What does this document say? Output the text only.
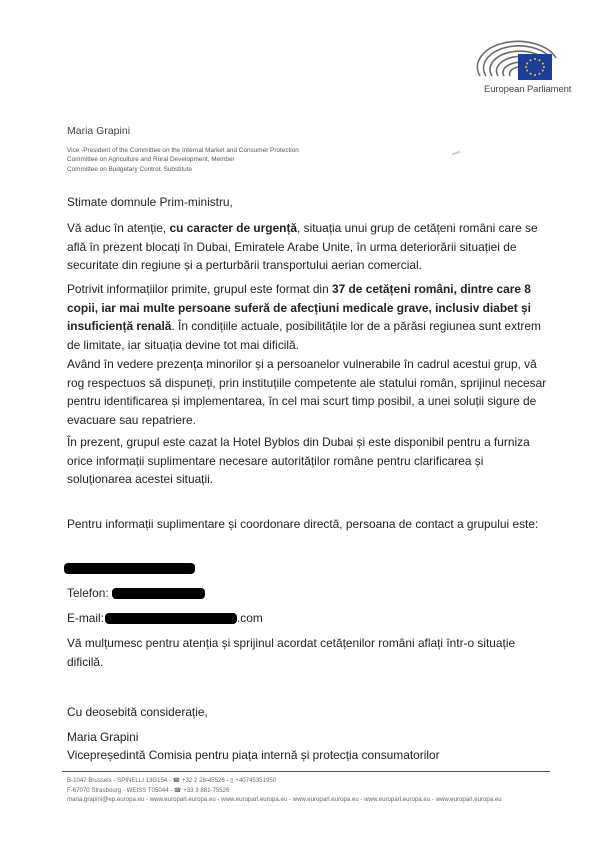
European Parliament
Maria Grapini
Vice -President of the Committee on the Internal Market and Consumer Protection
Committee on Agriculture and Rural Development, Member
Committee on Budgetary Control, Substitute
Stimate domnule Prim-ministru,
Vă aduc în atenție, cu caracter de urgență, situația unui grup de cetățeni români care se află în prezent blocați în Dubai, Emiratele Arabe Unite, în urma deteriorării situației de securitate din regiune și a perturbării transportului aerian comercial.
Potrivit informațiilor primite, grupul este format din 37 de cetățeni români, dintre care 8 copii, iar mai multe persoane suferă de afecțiuni medicale grave, inclusiv diabet și insuficiență renală. În condițiile actuale, posibilitățile lor de a părăsi regiunea sunt extrem de limitate, iar situația devine tot mai dificilă.
Având în vedere prezența minorilor și a persoanelor vulnerabile în cadrul acestui grup, vă rog respectuos să dispuneți, prin instituțiile competente ale statului român, sprijinul necesar pentru identificarea și implementarea, în cel mai scurt timp posibil, a unei soluții sigure de evacuare sau repatriere.
În prezent, grupul este cazat la Hotel Byblos din Dubai și este disponibil pentru a furniza orice informații suplimentare necesare autorităților române pentru clarificarea și soluționarea acestei situații.
Pentru informații suplimentare și coordonare directă, persoana de contact a grupului este:
Telefon:
E-mail:	.com
Vă mulțumesc pentru atenția și sprijinul acordat cetățenilor români aflați într-o situație dificilă.
Cu deosebită considerație,
Maria Grapini
Vicepreședintă Comisia pentru piața internă și protecția consumatorilor
B-1047 Brussels - SPINELLI 13G154 - ☎ +32 2 28-45526 - ▯ +40745351950
F-67070 Strasbourg - WEISS T05044 - ☎ +33 3 881-75526
maria.grapini@ep.europa.eu - www.europarl.europa.eu - www.europarl.europa.eu - www.europarl.europa.eu - www.europarl.europa.eu - www.europarl.europa.eu
